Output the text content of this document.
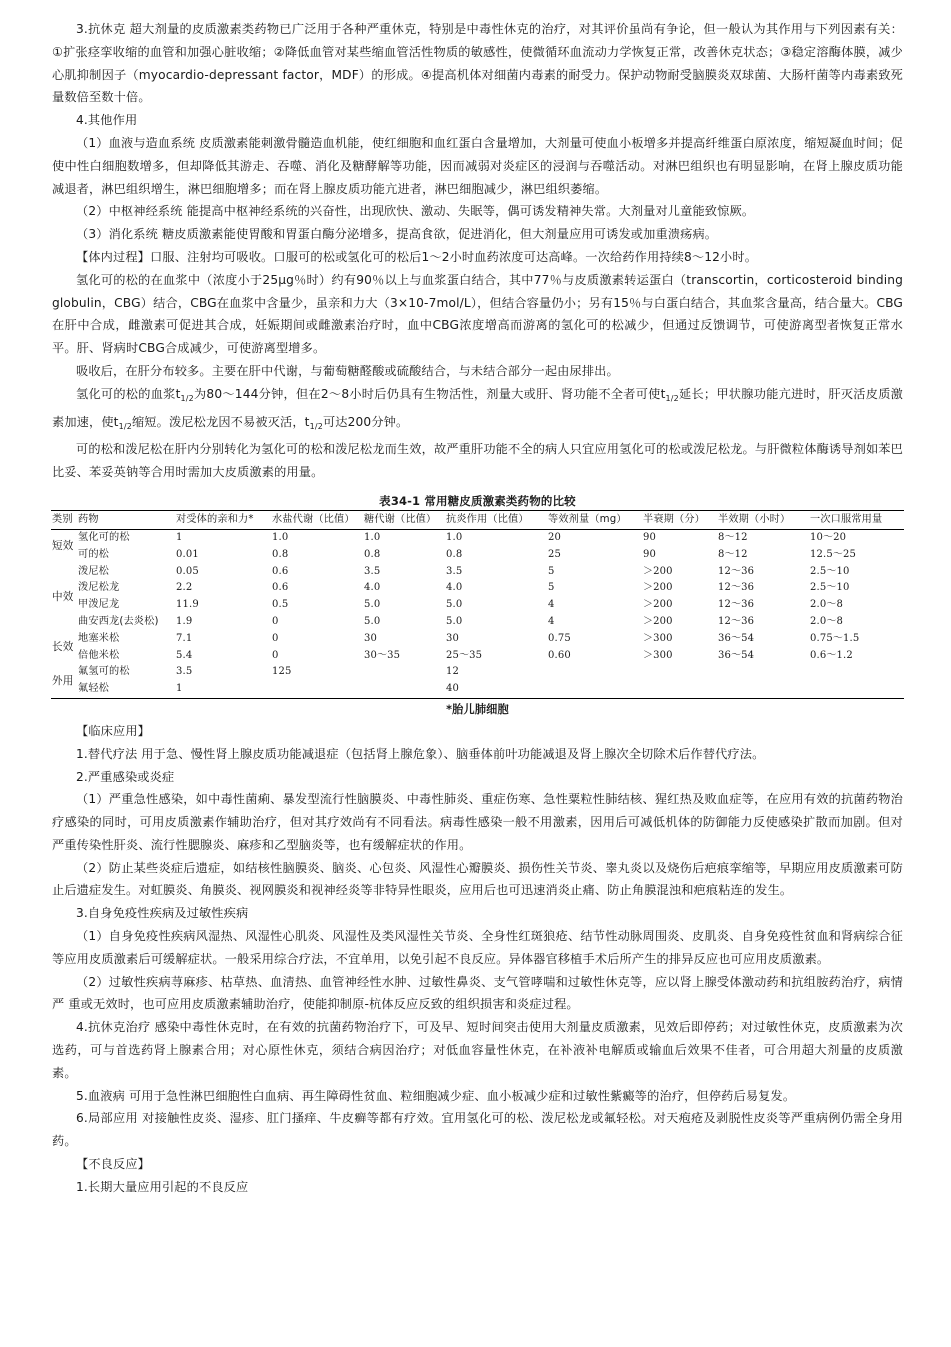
3.抗休克 超大剂量的皮质激素类药物已广泛用于各种严重休克，特别是中毒性休克的治疗，对其评价虽尚有争论，但一般认为其作用与下列因素有关：①扩张痉挛收缩的血管和加强心脏收缩；②降低血管对某些缩血管活性物质的敏感性，使微循环血流动力学恢复正常，改善休克状态；③稳定溶酶体膜，减少心肌抑制因子（myocardio-depressant factor，MDF）的形成。④提高机体对细菌内毒素的耐受力。保护动物耐受脑膜炎双球菌、大肠杆菌等内毒素致死量数倍至数十倍。

4.其他作用

（1）血液与造血系统 皮质激素能刺激骨髓造血机能，使红细胞和血红蛋白含量增加，大剂量可使血小板增多并提高纤维蛋白原浓度，缩短凝血时间；促使中性白细胞数增多，但却降低其游走、吞噬、消化及糖酵解等功能，因而减弱对炎症区的浸润与吞噬活动。对淋巴组织也有明显影响，在肾上腺皮质功能减退者，淋巴组织增生，淋巴细胞增多；而在肾上腺皮质功能亢进者，淋巴细胞减少，淋巴组织萎缩。

（2）中枢神经系统 能提高中枢神经系统的兴奋性，出现欣快、激动、失眠等，偶可诱发精神失常。大剂量对儿童能致惊厥。

（3）消化系统 糖皮质激素能使胃酸和胃蛋白酶分泌增多，提高食欲，促进消化，但大剂量应用可诱发或加重溃疡病。

【体内过程】口服、注射均可吸收。口服可的松或氢化可的松后1～2小时血药浓度可达高峰。一次给药作用持续8～12小时。

氢化可的松的在血浆中（浓度小于25μg％时）约有90％以上与血浆蛋白结合，其中77％与皮质激素转运蛋白（transcortin，corticosteroid binding globulin，CBG）结合，CBG在血浆中含量少，虽亲和力大（3×10-7mol/L），但结合容量仍小；另有15％与白蛋白结合，其血浆含量高，结合量大。CBG在肝中合成，雌激素可促进其合成，妊娠期间或雌激素治疗时，血中CBG浓度增高而游离的氢化可的松减少，但通过反馈调节，可使游离型者恢复正常水平。肝、肾病时CBG合成减少，可使游离型增多。

吸收后，在肝分布较多。主要在肝中代谢，与葡萄糖醛酸或硫酸结合，与未结合部分一起由尿排出。

氢化可的松的血浆$t_{1/2}$为80～144分钟，但在2～8小时后仍具有生物活性，剂量大或肝、肾功能不全者可使$t_{1/2}$延长；甲状腺功能亢进时，肝灭活皮质激素加速，使$t_{1/2}$缩短。泼尼松龙因不易被灭活，$t_{1/2}$可达200分钟。

可的松和泼尼松在肝内分别转化为氢化可的松和泼尼松龙而生效，故严重肝功能不全的病人只宜应用氢化可的松或泼尼松龙。与肝微粒体酶诱导剂如苯巴比妥、苯妥英钠等合用时需加大皮质激素的用量。

表34-1 常用糖皮质激素类药物的比较
类别	药物	对受体的亲和力*	水盐代谢（比值）	糖代谢（比值）	抗炎作用（比值）	等效剂量（mg）	半衰期（分）	半效期（小时）	一次口服常用量
短效	氢化可的松	1	1.0	1.0	1.0	20	90	8～12	10～20
	可的松	0.01	0.8	0.8	0.8	25	90	8～12	12.5～25
中效	泼尼松	0.05	0.6	3.5	3.5	5	＞200	12～36	2.5～10
	泼尼松龙	2.2	0.6	4.0	4.0	5	＞200	12～36	2.5～10
	甲泼尼龙	11.9	0.5	5.0	5.0	4	＞200	12～36	2.0～8
	曲安西龙(去炎松)	1.9	0	5.0	5.0	4	＞200	12～36	2.0～8
长效	地塞米松	7.1	0	30	30	0.75	＞300	36～54	0.75～1.5
	倍他米松	5.4	0	30～35	25～35	0.60	＞300	36～54	0.6～1.2
外用	氟氢可的松	3.5	125		12				
	氟轻松	1			40				
*胎儿肺细胞

【临床应用】

1.替代疗法 用于急、慢性肾上腺皮质功能减退症（包括肾上腺危象）、脑垂体前叶功能减退及肾上腺次全切除术后作替代疗法。

2.严重感染或炎症

（1）严重急性感染，如中毒性菌痢、暴发型流行性脑膜炎、中毒性肺炎、重症伤寒、急性粟粒性肺结核、猩红热及败血症等，在应用有效的抗菌药物治疗感染的同时，可用皮质激素作辅助治疗，但对其疗效尚有不同看法。病毒性感染一般不用激素，因用后可减低机体的防御能力反使感染扩散而加剧。但对严重传染性肝炎、流行性腮腺炎、麻疹和乙型脑炎等，也有缓解症状的作用。

（2）防止某些炎症后遗症，如结核性脑膜炎、脑炎、心包炎、风湿性心瓣膜炎、损伤性关节炎、睾丸炎以及烧伤后疤痕挛缩等，早期应用皮质激素可防止后遗症发生。对虹膜炎、角膜炎、视网膜炎和视神经炎等非特异性眼炎，应用后也可迅速消炎止痛、防止角膜混浊和疤痕粘连的发生。

3.自身免疫性疾病及过敏性疾病

（1）自身免疫性疾病风湿热、风湿性心肌炎、风湿性及类风湿性关节炎、全身性红斑狼疮、结节性动脉周围炎、皮肌炎、自身免疫性贫血和肾病综合征等应用皮质激素后可缓解症状。一般采用综合疗法，不宜单用，以免引起不良反应。异体器官移植手术后所产生的排异反应也可应用皮质激素。

（2）过敏性疾病荨麻疹、枯草热、血清热、血管神经性水肿、过敏性鼻炎、支气管哮喘和过敏性休克等，应以肾上腺受体激动药和抗组胺药治疗，病情严 重或无效时，也可应用皮质激素辅助治疗，使能抑制原-杭体反应反致的组织损害和炎症过程。

4.抗休克治疗 感染中毒性休克时，在有效的抗菌药物治疗下，可及早、短时间突击使用大剂量皮质激素，见效后即停药；对过敏性休克，皮质激素为次选药，可与首选药肾上腺素合用；对心原性休克，须结合病因治疗；对低血容量性休克，在补液补电解质或输血后效果不佳者，可合用超大剂量的皮质激素。

5.血液病 可用于急性淋巴细胞性白血病、再生障碍性贫血、粒细胞减少症、血小板减少症和过敏性紫癜等的治疗，但停药后易复发。

6.局部应用 对接触性皮炎、湿疹、肛门搔痒、牛皮癣等都有疗效。宜用氢化可的松、泼尼松龙或氟轻松。对天疱疮及剥脱性皮炎等严重病例仍需全身用药。

【不良反应】

1.长期大量应用引起的不良反应
